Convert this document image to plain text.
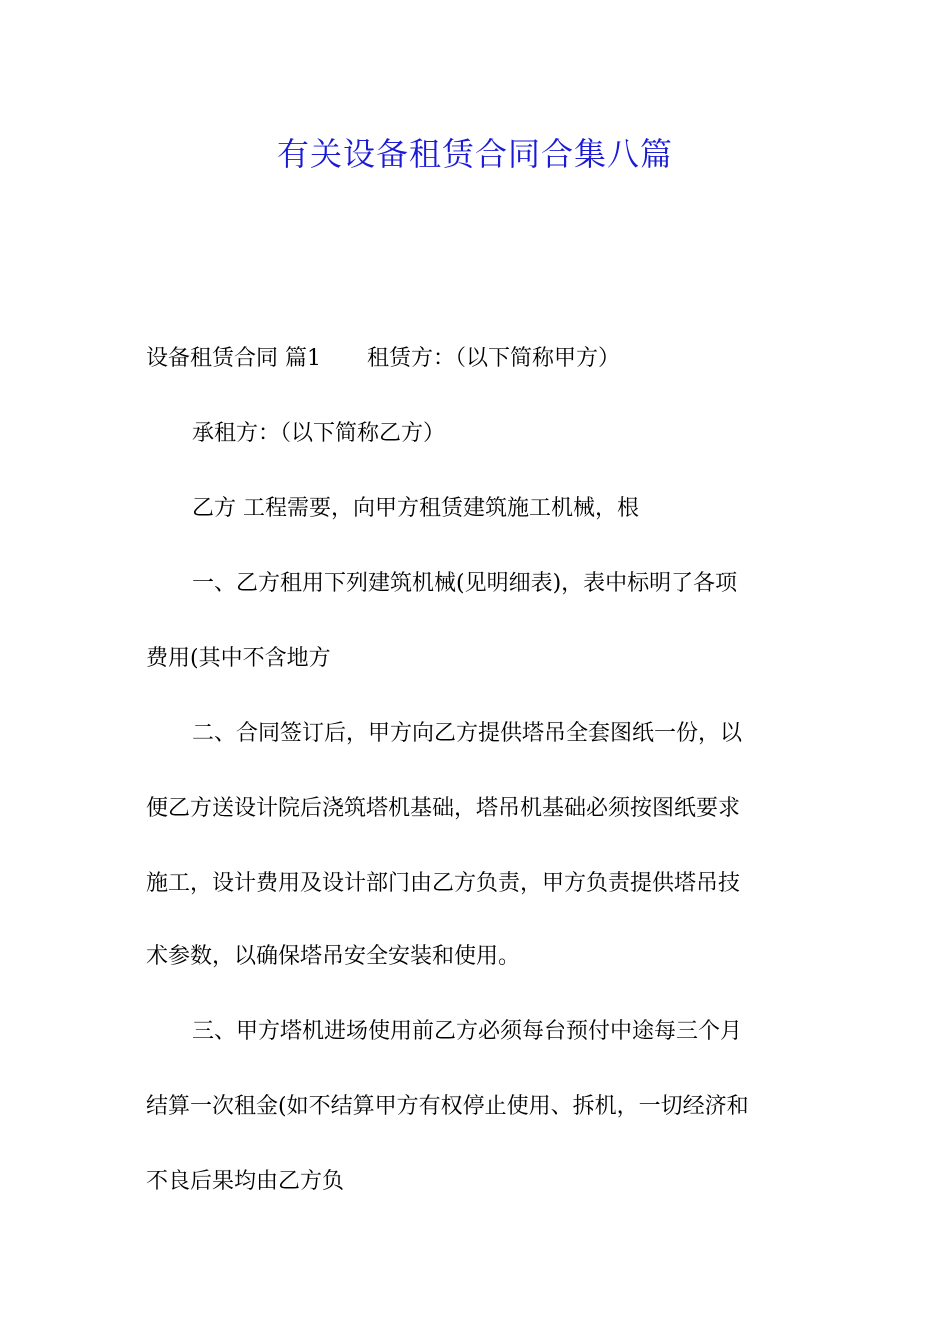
有关设备租赁合同合集八篇
设备租赁合同 篇1 租赁方：（以下简称甲方）
承租方：（以下简称乙方）
乙方 工程需要，向甲方租赁建筑施工机械，根
一、乙方租用下列建筑机械(见明细表)，表中标明了各项
费用(其中不含地方
二、合同签订后，甲方向乙方提供塔吊全套图纸一份，以
便乙方送设计院后浇筑塔机基础，塔吊机基础必须按图纸要求
施工，设计费用及设计部门由乙方负责，甲方负责提供塔吊技
术参数，以确保塔吊安全安装和使用。
三、甲方塔机进场使用前乙方必须每台预付中途每三个月
结算一次租金(如不结算甲方有权停止使用、拆机，一切经济和
不良后果均由乙方负
